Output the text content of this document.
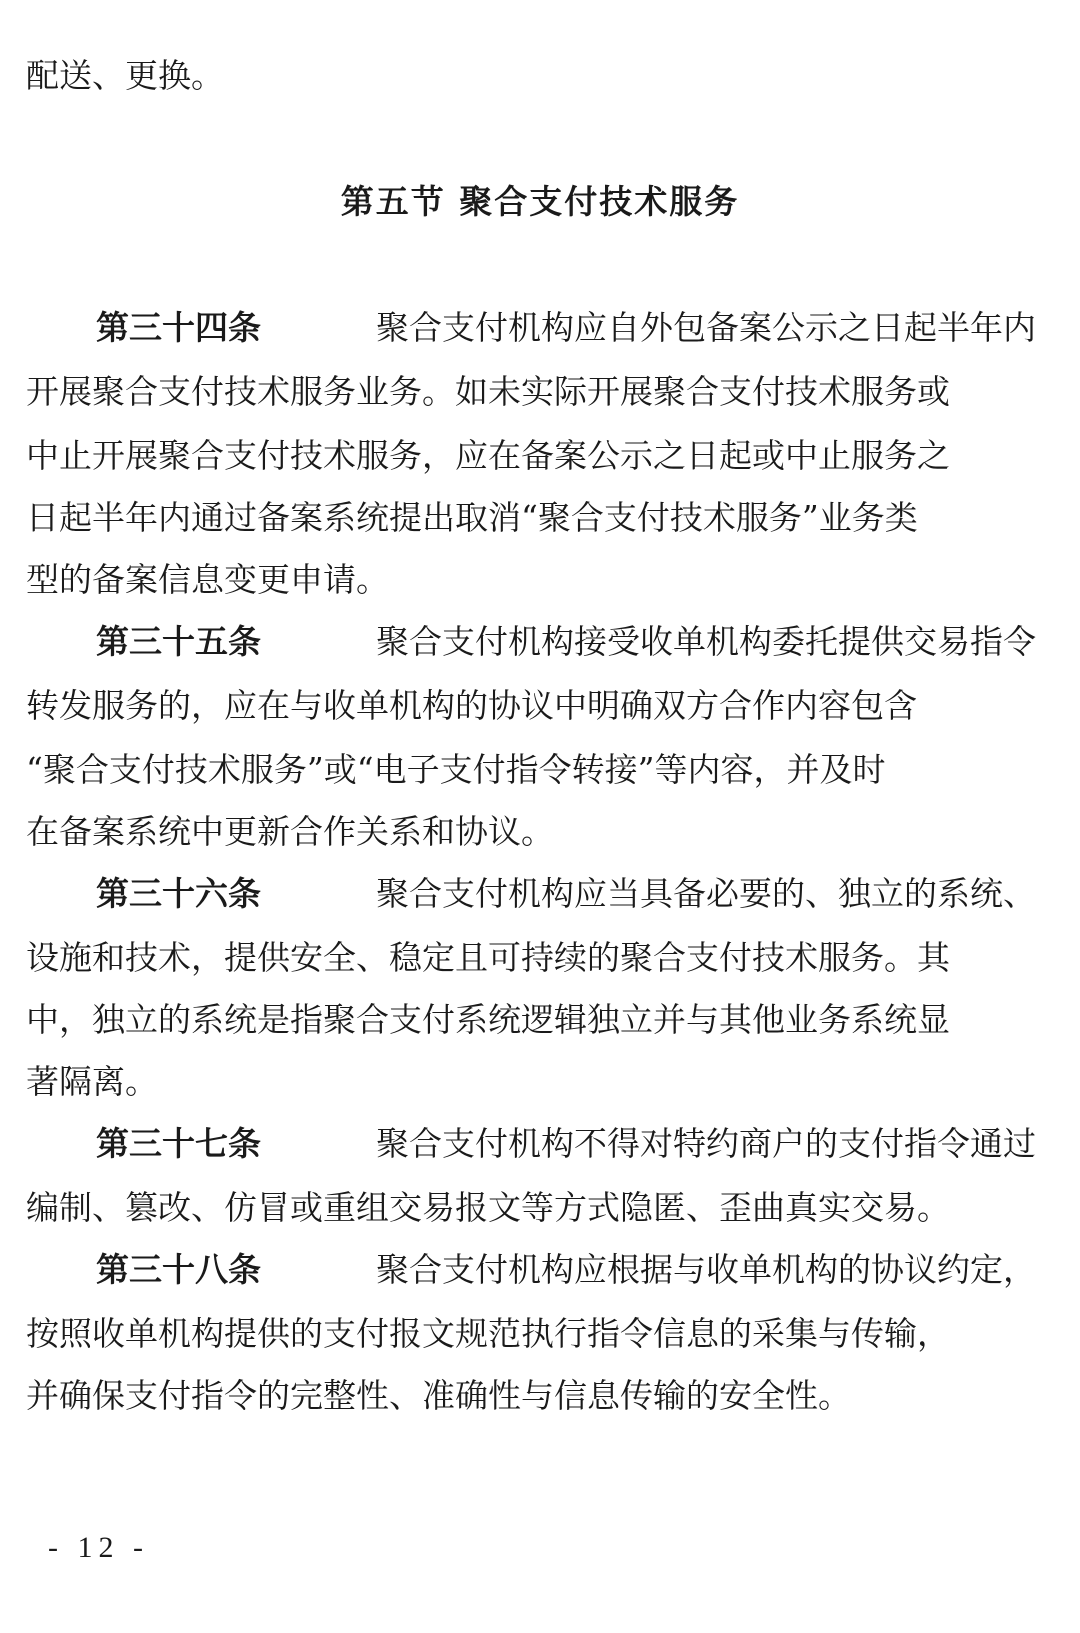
配送、更换。
第五节 聚合支付技术服务
第三十四条	聚合支付机构应自外包备案公示之日起半年内
开展聚合支付技术服务业务。如未实际开展聚合支付技术服务或
中止开展聚合支付技术服务，应在备案公示之日起或中止服务之
日起半年内通过备案系统提出取消“聚合支付技术服务”业务类
型的备案信息变更申请。
第三十五条	聚合支付机构接受收单机构委托提供交易指令
转发服务的，应在与收单机构的协议中明确双方合作内容包含
“聚合支付技术服务”或“电子支付指令转接”等内容，并及时
在备案系统中更新合作关系和协议。
第三十六条	聚合支付机构应当具备必要的、独立的系统、
设施和技术，提供安全、稳定且可持续的聚合支付技术服务。其
中，独立的系统是指聚合支付系统逻辑独立并与其他业务系统显
著隔离。
第三十七条	聚合支付机构不得对特约商户的支付指令通过
编制、篡改、仿冒或重组交易报文等方式隐匿、歪曲真实交易。
第三十八条	聚合支付机构应根据与收单机构的协议约定，
按照收单机构提供的支付报文规范执行指令信息的采集与传输，
并确保支付指令的完整性、准确性与信息传输的安全性。
- 12 -
